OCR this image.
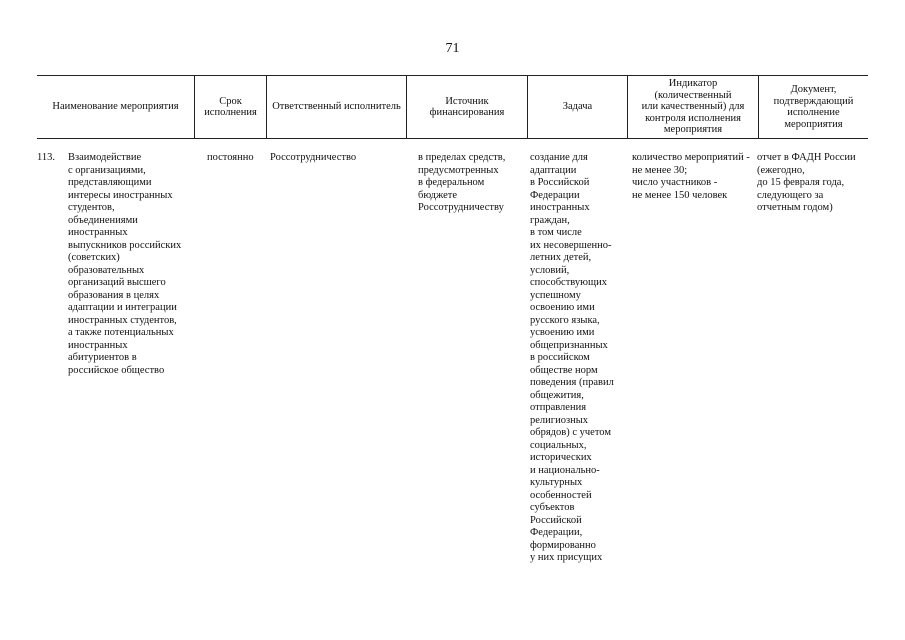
71
Наименование мероприятия
Срок
исполнения
Ответственный исполнитель
Источник
финансирования
Задача
Индикатор
(количественный
или качественный) для
контроля исполнения
мероприятия
Документ,
подтверждающий
исполнение
мероприятия
113. Взаимодействие
с организациями,
представляющими
интересы иностранных
студентов,
объединениями
иностранных
выпускников российских
(советских)
образовательных
организаций высшего
образования в целях
адаптации и интеграции
иностранных студентов,
а также потенциальных
иностранных
абитуриентов в
российское общество
постоянно	Россотрудничество	в пределах средств,
предусмотренных
в федеральном
бюджете
Россотрудничеству
создание для
адаптации
в Российской
Федерации
иностранных
граждан,
в том числе
их несовершенно-
летних детей,
условий,
способствующих
успешному
освоению ими
русского языка,
усвоению ими
общепризнанных
в российском
обществе норм
поведения (правил
общежития,
отправления
религиозных
обрядов) с учетом
социальных,
исторических
и национально-
культурных
особенностей
субъектов
Российской
Федерации,
формированно
у них присущих
количество мероприятий -
не менее 30;
число участников -
не менее 150 человек
отчет в ФАДН России
(ежегодно,
до 15 февраля года,
следующего за
отчетным годом)
